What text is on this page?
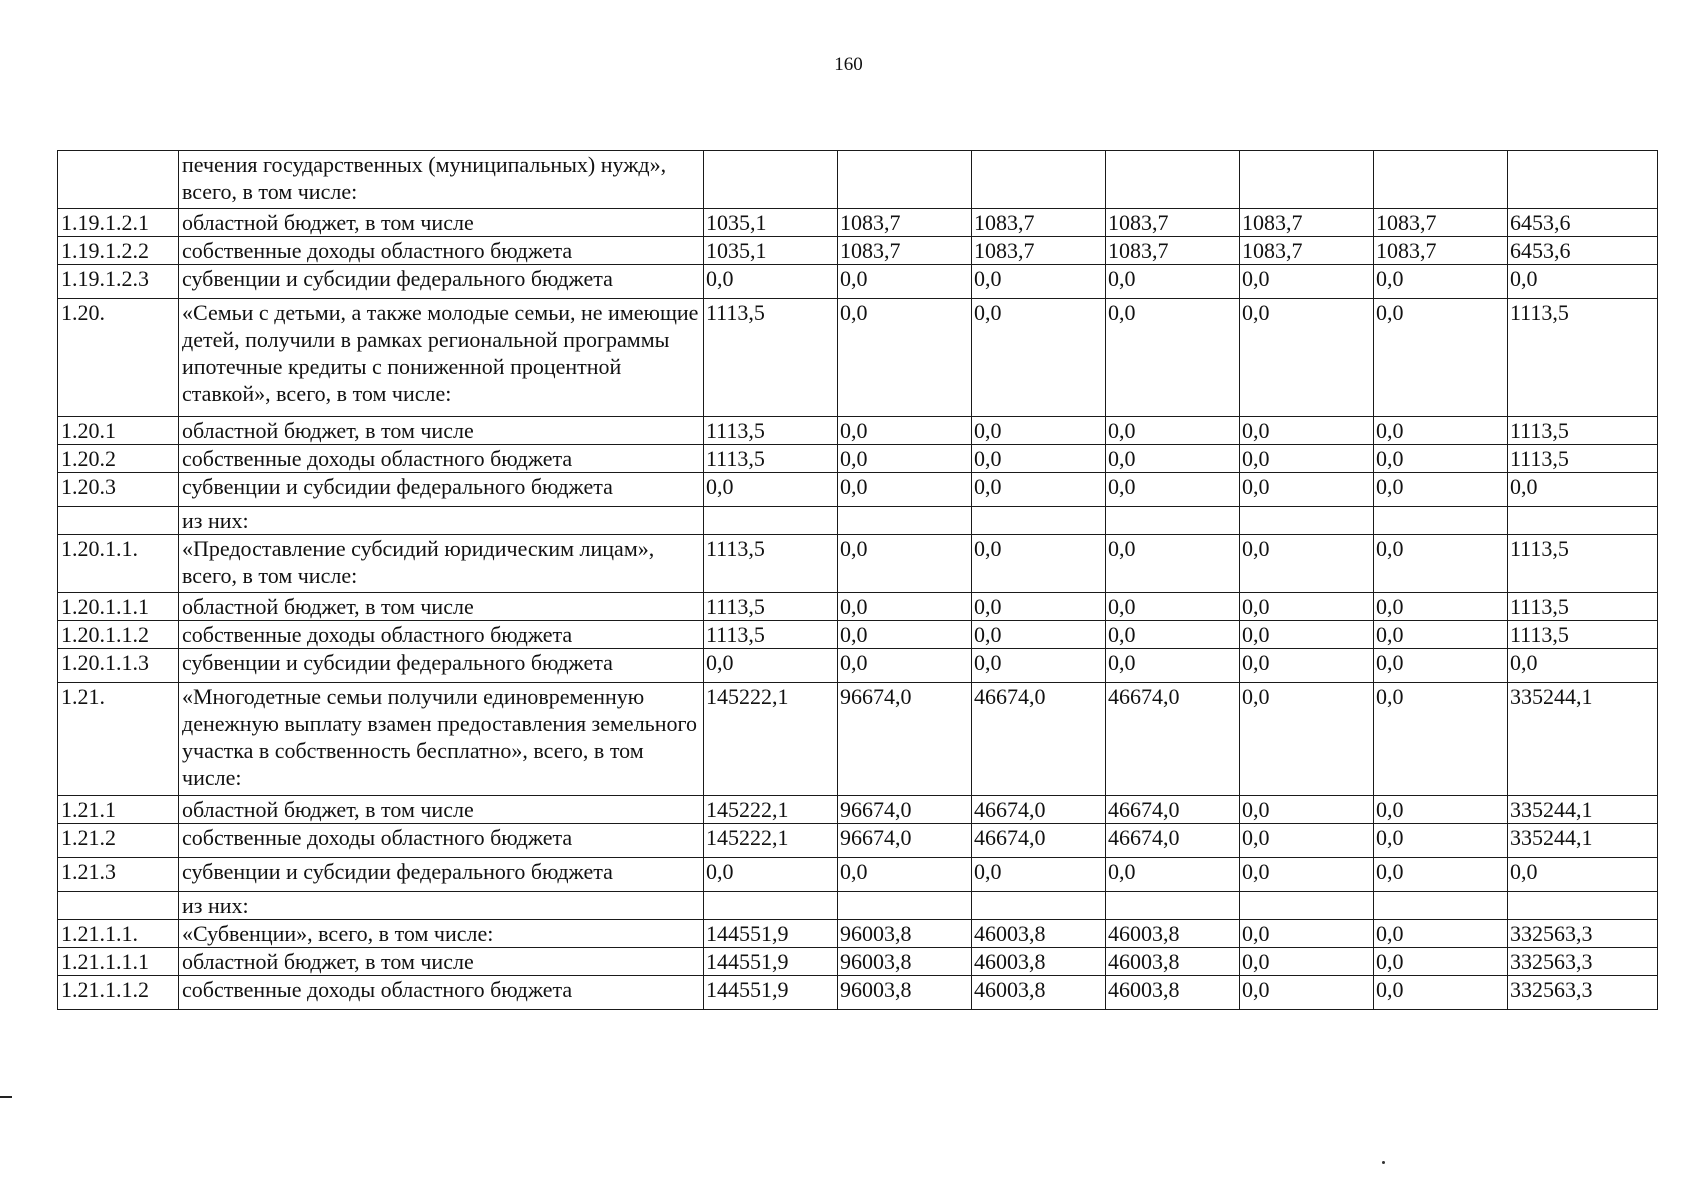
160
	печения государственных (муниципальных) нужд», всего, в том числе:							
1.19.1.2.1	областной бюджет, в том числе	1035,1	1083,7	1083,7	1083,7	1083,7	1083,7	6453,6
1.19.1.2.2	собственные доходы областного бюджета	1035,1	1083,7	1083,7	1083,7	1083,7	1083,7	6453,6
1.19.1.2.3	субвенции и субсидии федерального бюджета	0,0	0,0	0,0	0,0	0,0	0,0	0,0
1.20.	«Семьи с детьми, а также молодые семьи, не имеющие детей, получили в рамках региональной программы ипотечные кредиты с пониженной процентной ставкой», всего, в том числе:	1113,5	0,0	0,0	0,0	0,0	0,0	1113,5
1.20.1	областной бюджет, в том числе	1113,5	0,0	0,0	0,0	0,0	0,0	1113,5
1.20.2	собственные доходы областного бюджета	1113,5	0,0	0,0	0,0	0,0	0,0	1113,5
1.20.3	субвенции и субсидии федерального бюджета	0,0	0,0	0,0	0,0	0,0	0,0	0,0
	из них:							
1.20.1.1.	«Предоставление субсидий юридическим лицам», всего, в том числе:	1113,5	0,0	0,0	0,0	0,0	0,0	1113,5
1.20.1.1.1	областной бюджет, в том числе	1113,5	0,0	0,0	0,0	0,0	0,0	1113,5
1.20.1.1.2	собственные доходы областного бюджета	1113,5	0,0	0,0	0,0	0,0	0,0	1113,5
1.20.1.1.3	субвенции и субсидии федерального бюджета	0,0	0,0	0,0	0,0	0,0	0,0	0,0
1.21.	«Многодетные семьи получили единовременную денежную выплату взамен предоставления земельного участка в собственность бесплатно», всего, в том числе:	145222,1	96674,0	46674,0	46674,0	0,0	0,0	335244,1
1.21.1	областной бюджет, в том числе	145222,1	96674,0	46674,0	46674,0	0,0	0,0	335244,1
1.21.2	собственные доходы областного бюджета	145222,1	96674,0	46674,0	46674,0	0,0	0,0	335244,1
1.21.3	субвенции и субсидии федерального бюджета	0,0	0,0	0,0	0,0	0,0	0,0	0,0
	из них:							
1.21.1.1.	«Субвенции», всего, в том числе:	144551,9	96003,8	46003,8	46003,8	0,0	0,0	332563,3
1.21.1.1.1	областной бюджет, в том числе	144551,9	96003,8	46003,8	46003,8	0,0	0,0	332563,3
1.21.1.1.2	собственные доходы областного бюджета	144551,9	96003,8	46003,8	46003,8	0,0	0,0	332563,3
